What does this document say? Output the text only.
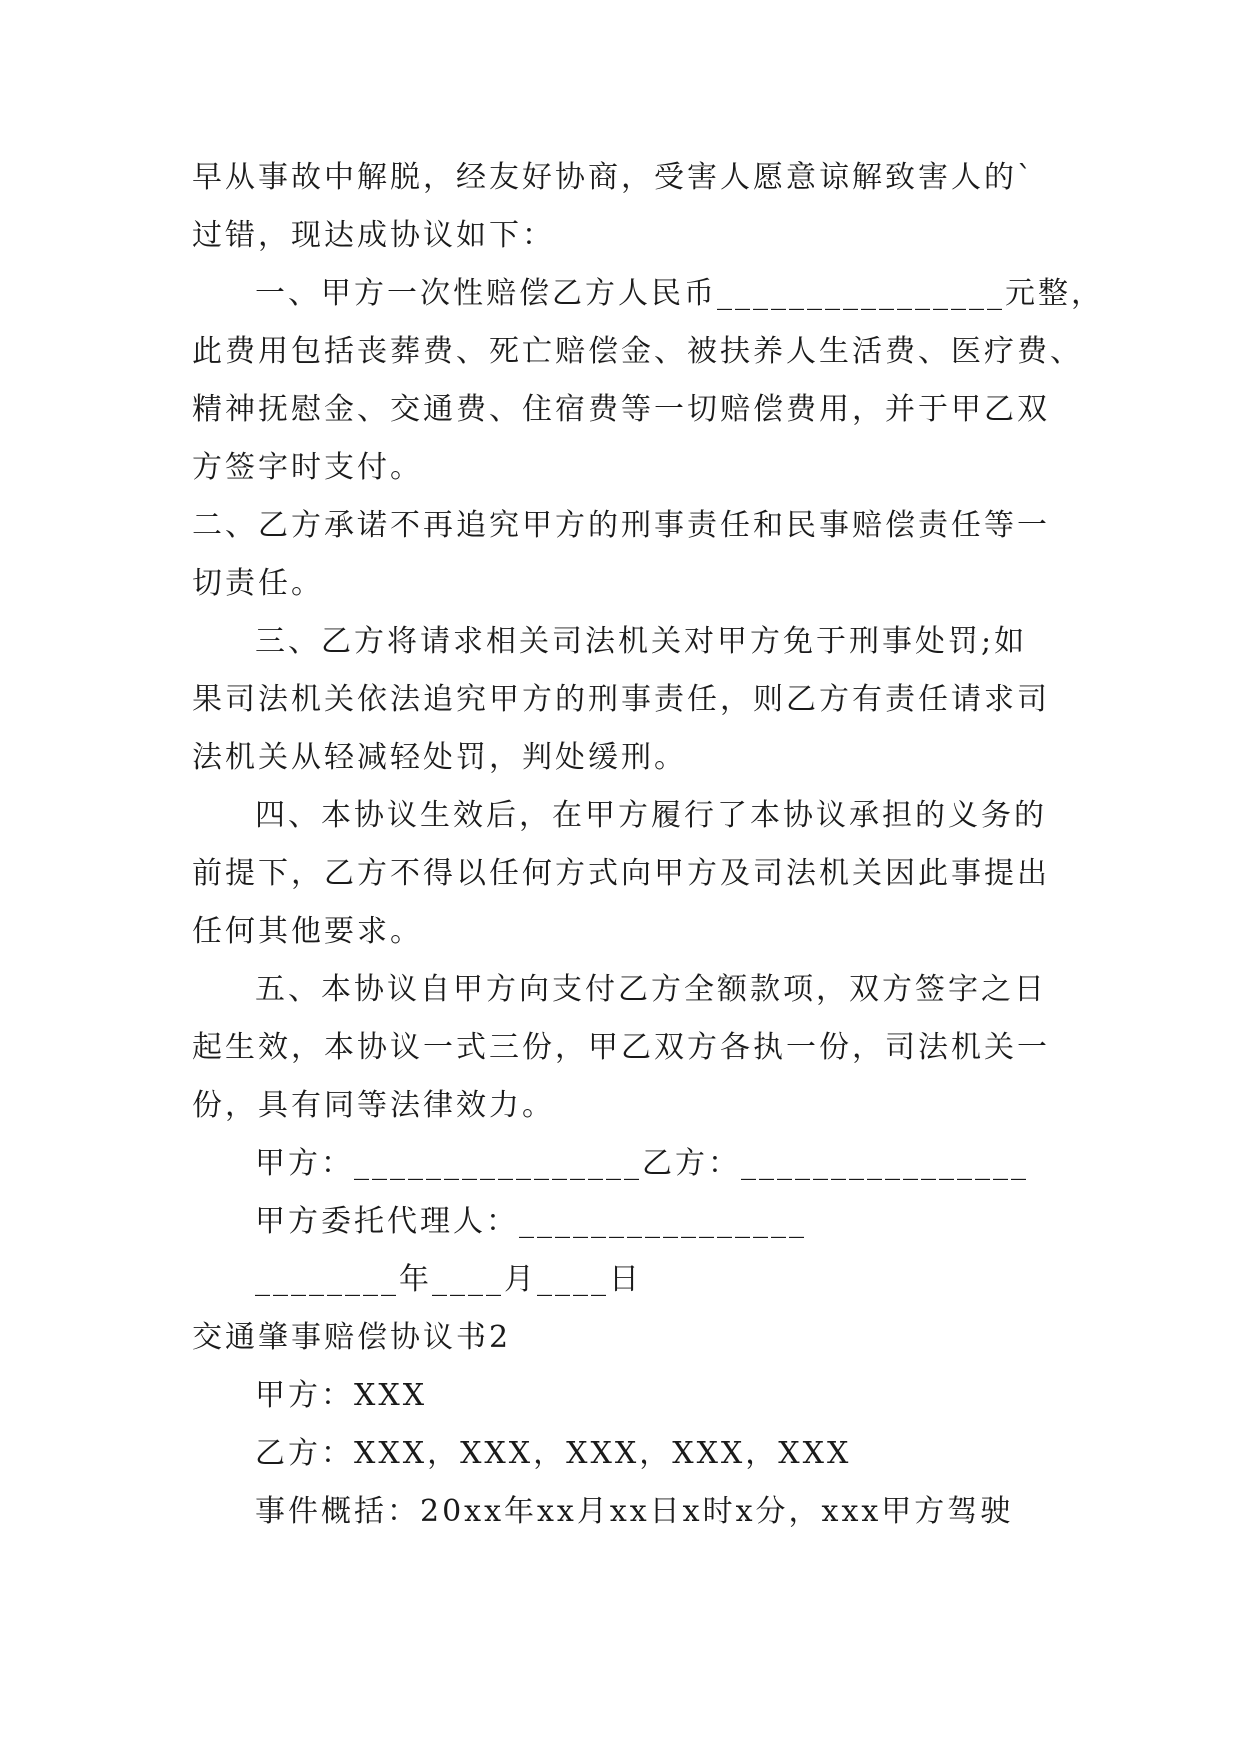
早从事故中解脱，经友好协商，受害人愿意谅解致害人的`
过错，现达成协议如下：
一、甲方一次性赔偿乙方人民币________________元整，
此费用包括丧葬费、死亡赔偿金、被扶养人生活费、医疗费、
精神抚慰金、交通费、住宿费等一切赔偿费用，并于甲乙双
方签字时支付。
二、乙方承诺不再追究甲方的刑事责任和民事赔偿责任等一
切责任。
三、乙方将请求相关司法机关对甲方免于刑事处罚;如
果司法机关依法追究甲方的刑事责任，则乙方有责任请求司
法机关从轻减轻处罚，判处缓刑。
四、本协议生效后，在甲方履行了本协议承担的义务的
前提下，乙方不得以任何方式向甲方及司法机关因此事提出
任何其他要求。
五、本协议自甲方向支付乙方全额款项，双方签字之日
起生效，本协议一式三份，甲乙双方各执一份，司法机关一
份，具有同等法律效力。
甲方：________________乙方：________________
甲方委托代理人：________________
________年____月____日
交通肇事赔偿协议书2
甲方：XXX
乙方：XXX，XXX，XXX，XXX，XXX
事件概括：20xx年xx月xx日x时x分，xxx甲方驾驶
